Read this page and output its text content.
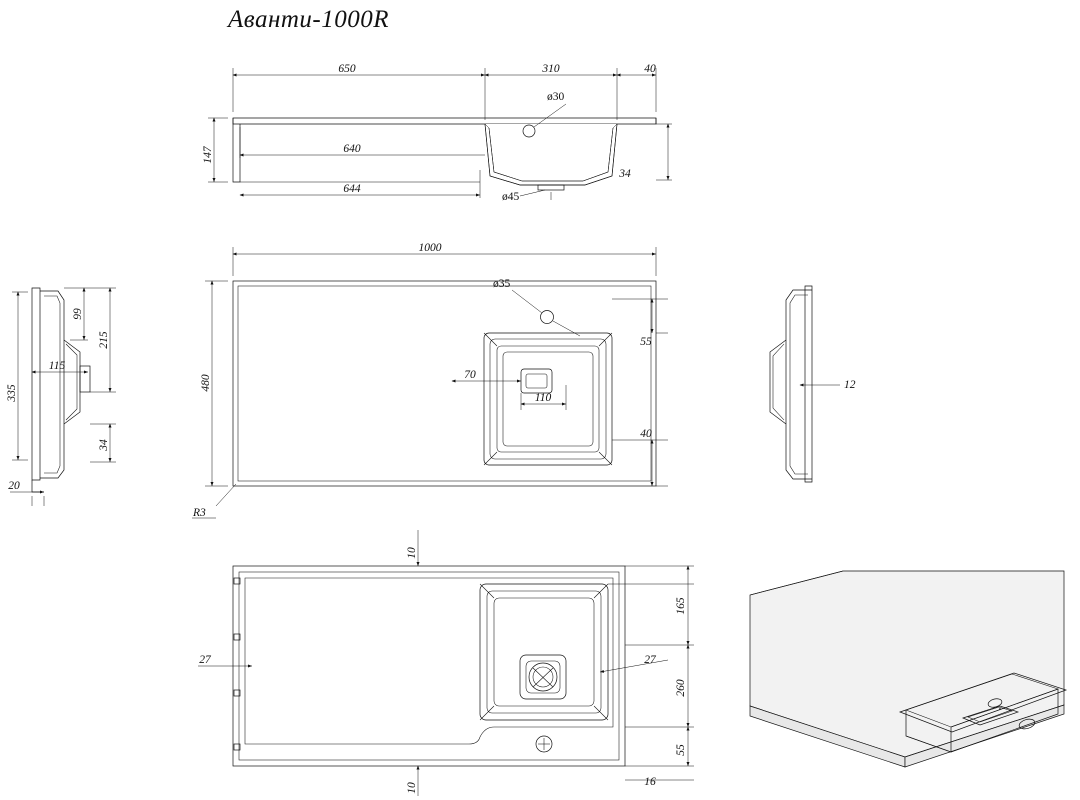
Аванти-1000R
ø30
650	310	40
147	640
644
34
ø45
ø35
1000
480
55
40
70
110
R3
99
215
115
335
34
20
12
10
10
27	27
165
260
55
16
